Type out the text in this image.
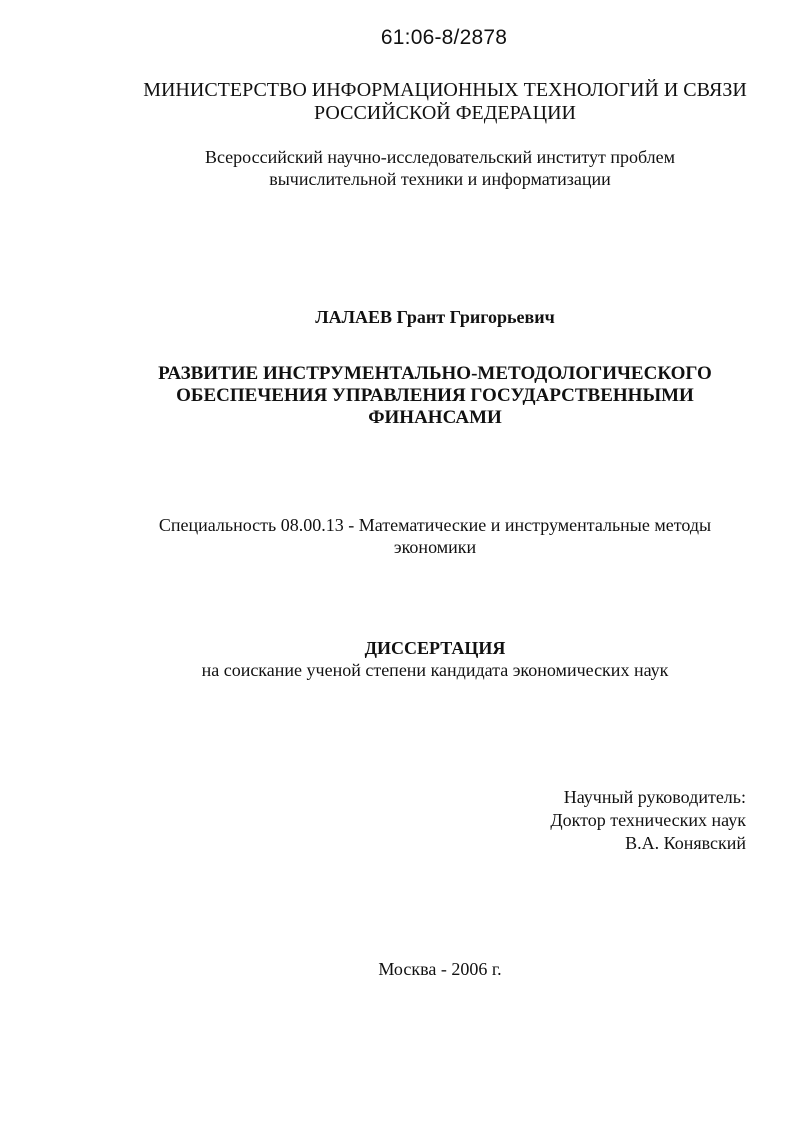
61:06-8/2878
МИНИСТЕРСТВО ИНФОРМАЦИОННЫХ ТЕХНОЛОГИЙ И СВЯЗИ
РОССИЙСКОЙ ФЕДЕРАЦИИ
Всероссийский научно-исследовательский институт проблем
вычислительной техники и информатизации
ЛАЛАЕВ Грант Григорьевич
РАЗВИТИЕ ИНСТРУМЕНТАЛЬНО-МЕТОДОЛОГИЧЕСКОГО
ОБЕСПЕЧЕНИЯ УПРАВЛЕНИЯ ГОСУДАРСТВЕННЫМИ
ФИНАНСАМИ
Специальность 08.00.13 - Математические и инструментальные методы
экономики
ДИССЕРТАЦИЯ
на соискание ученой степени кандидата экономических наук
Научный руководитель:
Доктор технических наук
В.А. Конявский
Москва - 2006 г.
